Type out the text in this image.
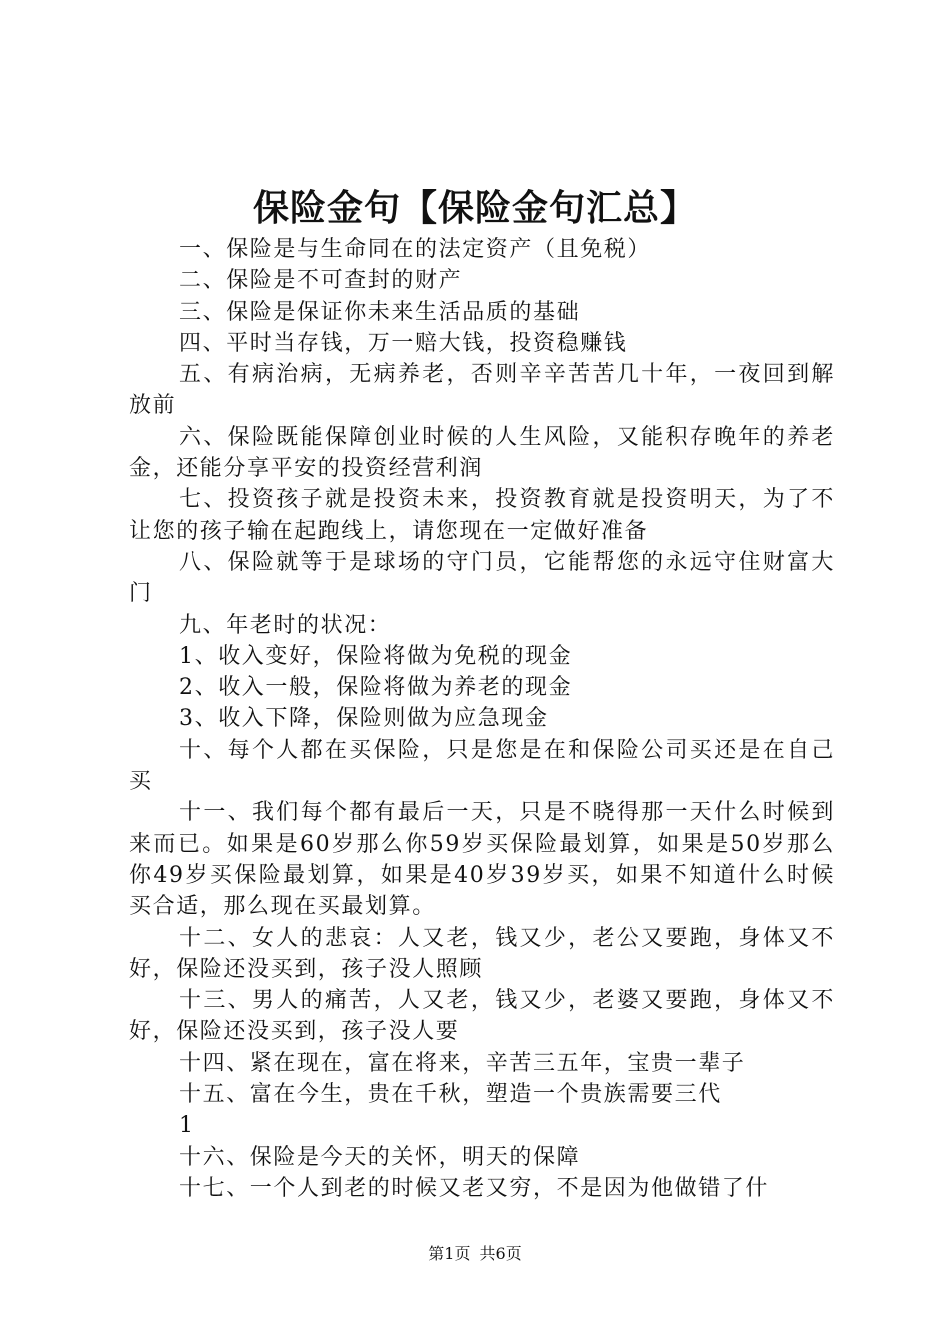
保险金句【保险金句汇总】

一、保险是与生命同在的法定资产（且免税）

二、保险是不可查封的财产

三、保险是保证你未来生活品质的基础

四、平时当存钱，万一赔大钱，投资稳赚钱

五、有病治病，无病养老，否则辛辛苦苦几十年，一夜回到解放前

六、保险既能保障创业时候的人生风险，又能积存晚年的养老金，还能分享平安的投资经营利润

七、投资孩子就是投资未来，投资教育就是投资明天，为了不让您的孩子输在起跑线上，请您现在一定做好准备

八、保险就等于是球场的守门员，它能帮您的永远守住财富大门

九、年老时的状况：

1、收入变好，保险将做为免税的现金

2、收入一般，保险将做为养老的现金

3、收入下降，保险则做为应急现金

十、每个人都在买保险，只是您是在和保险公司买还是在自己买

十一、我们每个都有最后一天，只是不晓得那一天什么时候到来而已。如果是60岁那么你59岁买保险最划算，如果是50岁那么你49岁买保险最划算，如果是40岁39岁买，如果不知道什么时候买合适，那么现在买最划算。

十二、女人的悲哀：人又老，钱又少，老公又要跑，身体又不好，保险还没买到，孩子没人照顾

十三、男人的痛苦，人又老，钱又少，老婆又要跑，身体又不好，保险还没买到，孩子没人要

十四、紧在现在，富在将来，辛苦三五年，宝贵一辈子

十五、富在今生，贵在千秋，塑造一个贵族需要三代

1

十六、保险是今天的关怀，明天的保障

十七、一个人到老的时候又老又穷，不是因为他做错了什

第1页 共6页
